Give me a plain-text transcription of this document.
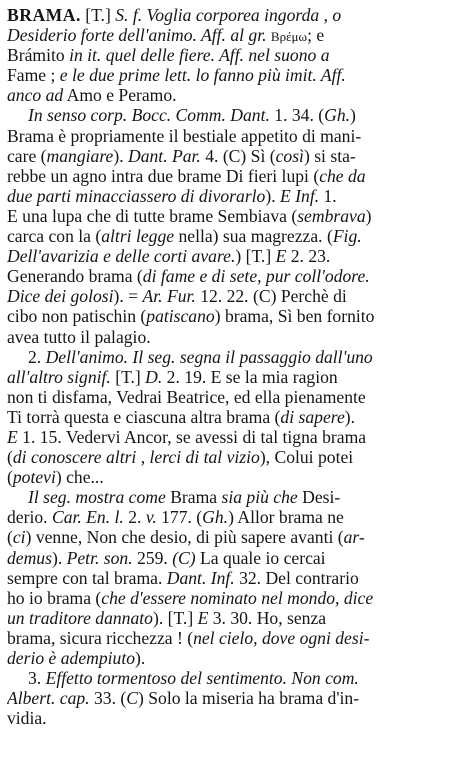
BRAMA. [T.] S. f. Voglia corporea ingorda , o
Desiderio forte dell'animo. Aff. al gr. Βρέμω; e
Brámito in it. quel delle fiere. Aff. nel suono a
Fame ; e le due prime lett. lo fanno più imit. Aff.
anco ad Amo e Peramo.
In senso corp. Bocc. Comm. Dant. 1. 34. (Gh.)
Brama è propriamente il bestiale appetito di mani-
care (mangiare). Dant. Par. 4. (C) Sì (così) si sta-
rebbe un agno intra due brame Di fieri lupi (che da
due parti minacciassero di divorarlo). E Inf. 1.
E una lupa che di tutte brame Sembiava (sembrava)
carca con la (altri legge nella) sua magrezza. (Fig.
Dell'avarizia e delle corti avare.) [T.] E 2. 23.
Generando brama (di fame e di sete, pur coll'odore.
Dice dei golosi). = Ar. Fur. 12. 22. (C) Perchè di
cibo non patischin (patiscano) brama, Sì ben fornito
avea tutto il palagio.
2. Dell'animo. Il seg. segna il passaggio dall'uno
all'altro signif. [T.] D. 2. 19. E se la mia ragion
non ti disfama, Vedrai Beatrice, ed ella pienamente
Ti torrà questa e ciascuna altra brama (di sapere).
E 1. 15. Vedervi Ancor, se avessi di tal tigna brama
(di conoscere altri , lerci di tal vizio), Colui potei
(potevi) che...
Il seg. mostra come Brama sia più che Desi-
derio. Car. En. l. 2. v. 177. (Gh.) Allor brama ne
(ci) venne, Non che desio, di più sapere avanti (ar-
demus). Petr. son. 259. (C) La quale io cercai
sempre con tal brama. Dant. Inf. 32. Del contrario
ho io brama (che d'essere nominato nel mondo, dice
un traditore dannato). [T.] E 3. 30. Ho, senza
brama, sicura ricchezza ! (nel cielo, dove ogni desi-
derio è adempiuto).
3. Effetto tormentoso del sentimento. Non com.
Albert. cap. 33. (C) Solo la miseria ha brama d'in-
vidia.
